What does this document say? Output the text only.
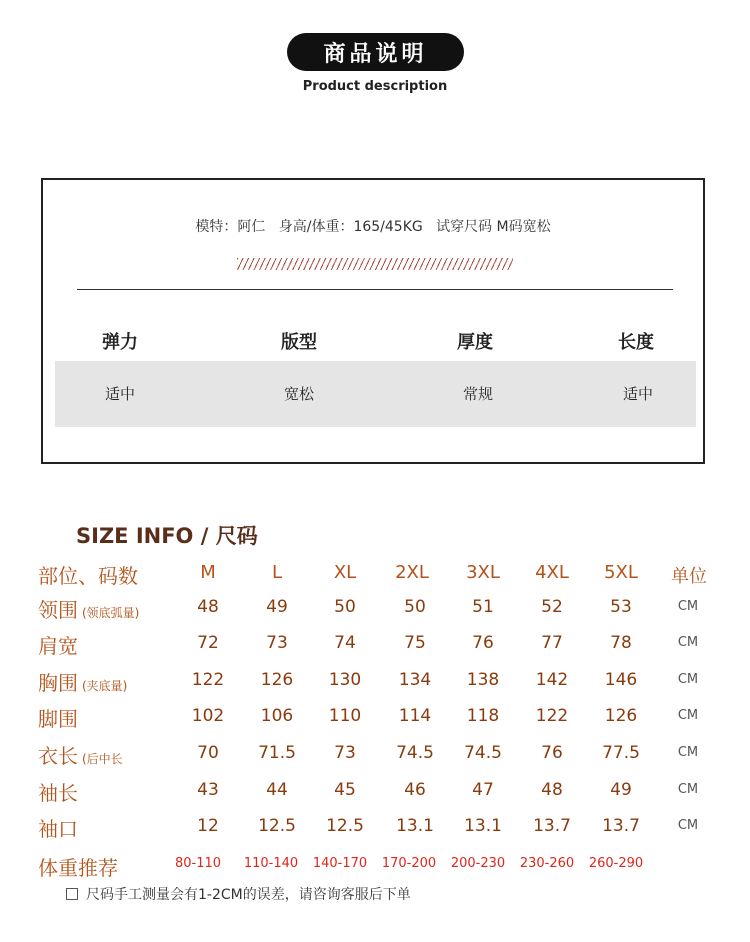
商品说明
Product description
模特：阿仁   身高/体重：165/45KG   试穿尺码 M码宽松
弹力	版型	厚度	长度
适中	宽松	常规	适中
SIZE INFO / 尺码
部位、码数	M	L	XL	2XL	3XL	4XL	5XL	单位
领围 (领底弧量)	48	49	50	50	51	52	53	CM
肩宽	72	73	74	75	76	77	78	CM
胸围 (夹底量)	122	126	130	134	138	142	146	CM
脚围	102	106	110	114	118	122	126	CM
衣长 (后中长	70	71.5	73	74.5	74.5	76	77.5	CM
袖长	43	44	45	46	47	48	49	CM
袖口	12	12.5	12.5	13.1	13.1	13.7	13.7	CM
体重推荐	80-110	110-140	140-170	170-200	200-230	230-260	260-290
尺码手工测量会有1-2CM的误差，请咨询客服后下单
